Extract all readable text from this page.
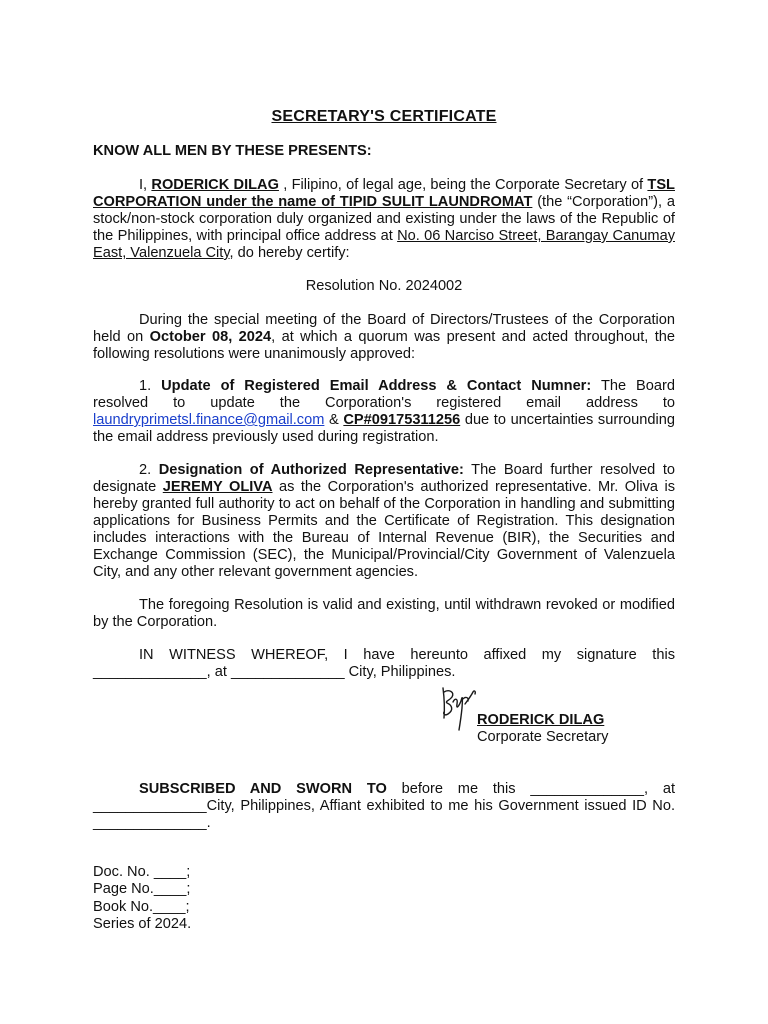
SECRETARY'S CERTIFICATE
KNOW ALL MEN BY THESE PRESENTS:
I, RODERICK DILAG , Filipino, of legal age, being the Corporate Secretary of TSL CORPORATION under the name of TIPID SULIT LAUNDROMAT (the “Corporation”), a stock/non-stock corporation duly organized and existing under the laws of the Republic of the Philippines, with principal office address at No. 06 Narciso Street, Barangay Canumay East, Valenzuela City, do hereby certify:
Resolution No. 2024002
During the special meeting of the Board of Directors/Trustees of the Corporation held on October 08, 2024, at which a quorum was present and acted throughout, the following resolutions were unanimously approved:
1. Update of Registered Email Address & Contact Numner: The Board resolved to update the Corporation's registered email address to laundryprimetsl.finance@gmail.com & CP#09175311256 due to uncertainties surrounding the email address previously used during registration.
2. Designation of Authorized Representative: The Board further resolved to designate JEREMY OLIVA as the Corporation's authorized representative. Mr. Oliva is hereby granted full authority to act on behalf of the Corporation in handling and submitting applications for Business Permits and the Certificate of Registration. This designation includes interactions with the Bureau of Internal Revenue (BIR), the Securities and Exchange Commission (SEC), the Municipal/Provincial/City Government of Valenzuela City, and any other relevant government agencies.
The foregoing Resolution is valid and existing, until withdrawn revoked or modified by the Corporation.
IN WITNESS WHEREOF, I have hereunto affixed my signature this ______________, at ______________ City, Philippines.
RODERICK DILAG
Corporate Secretary
SUBSCRIBED AND SWORN TO before me this ______________, at ______________City, Philippines, Affiant exhibited to me his Government issued ID No. ______________.
Doc. No. ____;
Page No.____;
Book No.____;
Series of 2024.
